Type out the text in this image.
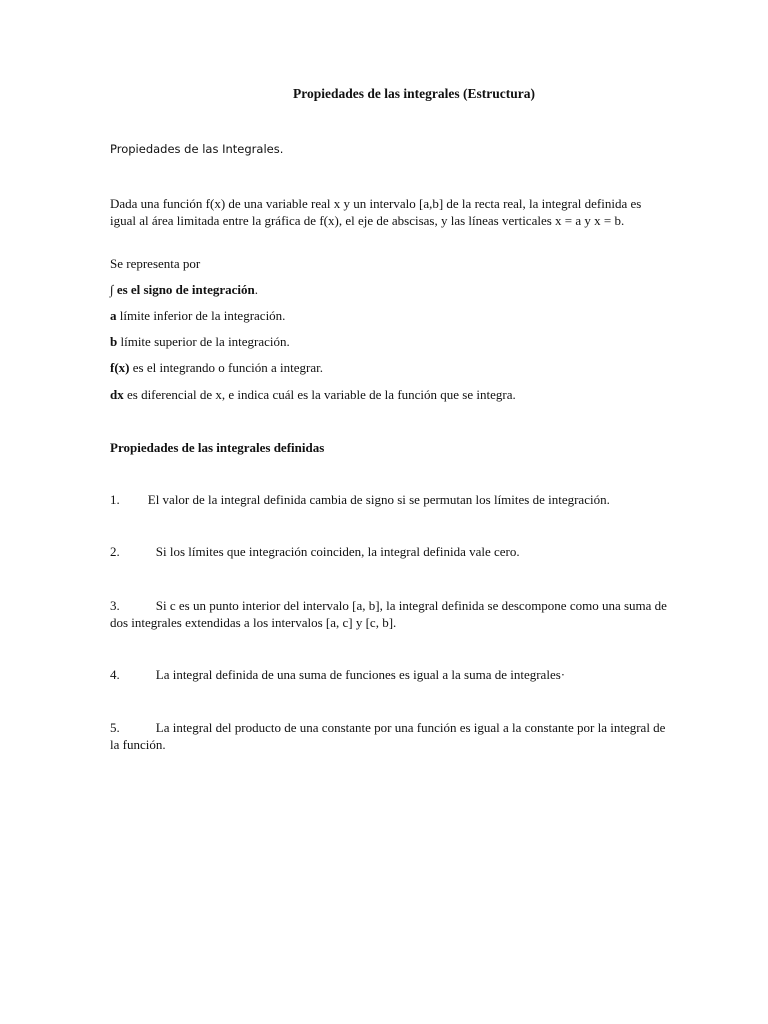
Propiedades de las integrales (Estructura)
Propiedades de las Integrales.
Dada una función f(x) de una variable real x y un intervalo [a,b] de la recta real, la integral definida es igual al área limitada entre la gráfica de f(x), el eje de abscisas, y las líneas verticales x = a y x = b.
Se representa por
∫ es el signo de integración.
a límite inferior de la integración.
b límite superior de la integración.
f(x) es el integrando o función a integrar.
dx es diferencial de x, e indica cuál es la variable de la función que se integra.
Propiedades de las integrales definidas
1. El valor de la integral definida cambia de signo si se permutan los límites de integración.
2.	Si los límites que integración coinciden, la integral definida vale cero.
3.	Si c es un punto interior del intervalo [a, b], la integral definida se descompone como una suma de dos integrales extendidas a los intervalos [a, c] y [c, b].
4.	La integral definida de una suma de funciones es igual a la suma de integrales·
5.	La integral del producto de una constante por una función es igual a la constante por la integral de la función.
